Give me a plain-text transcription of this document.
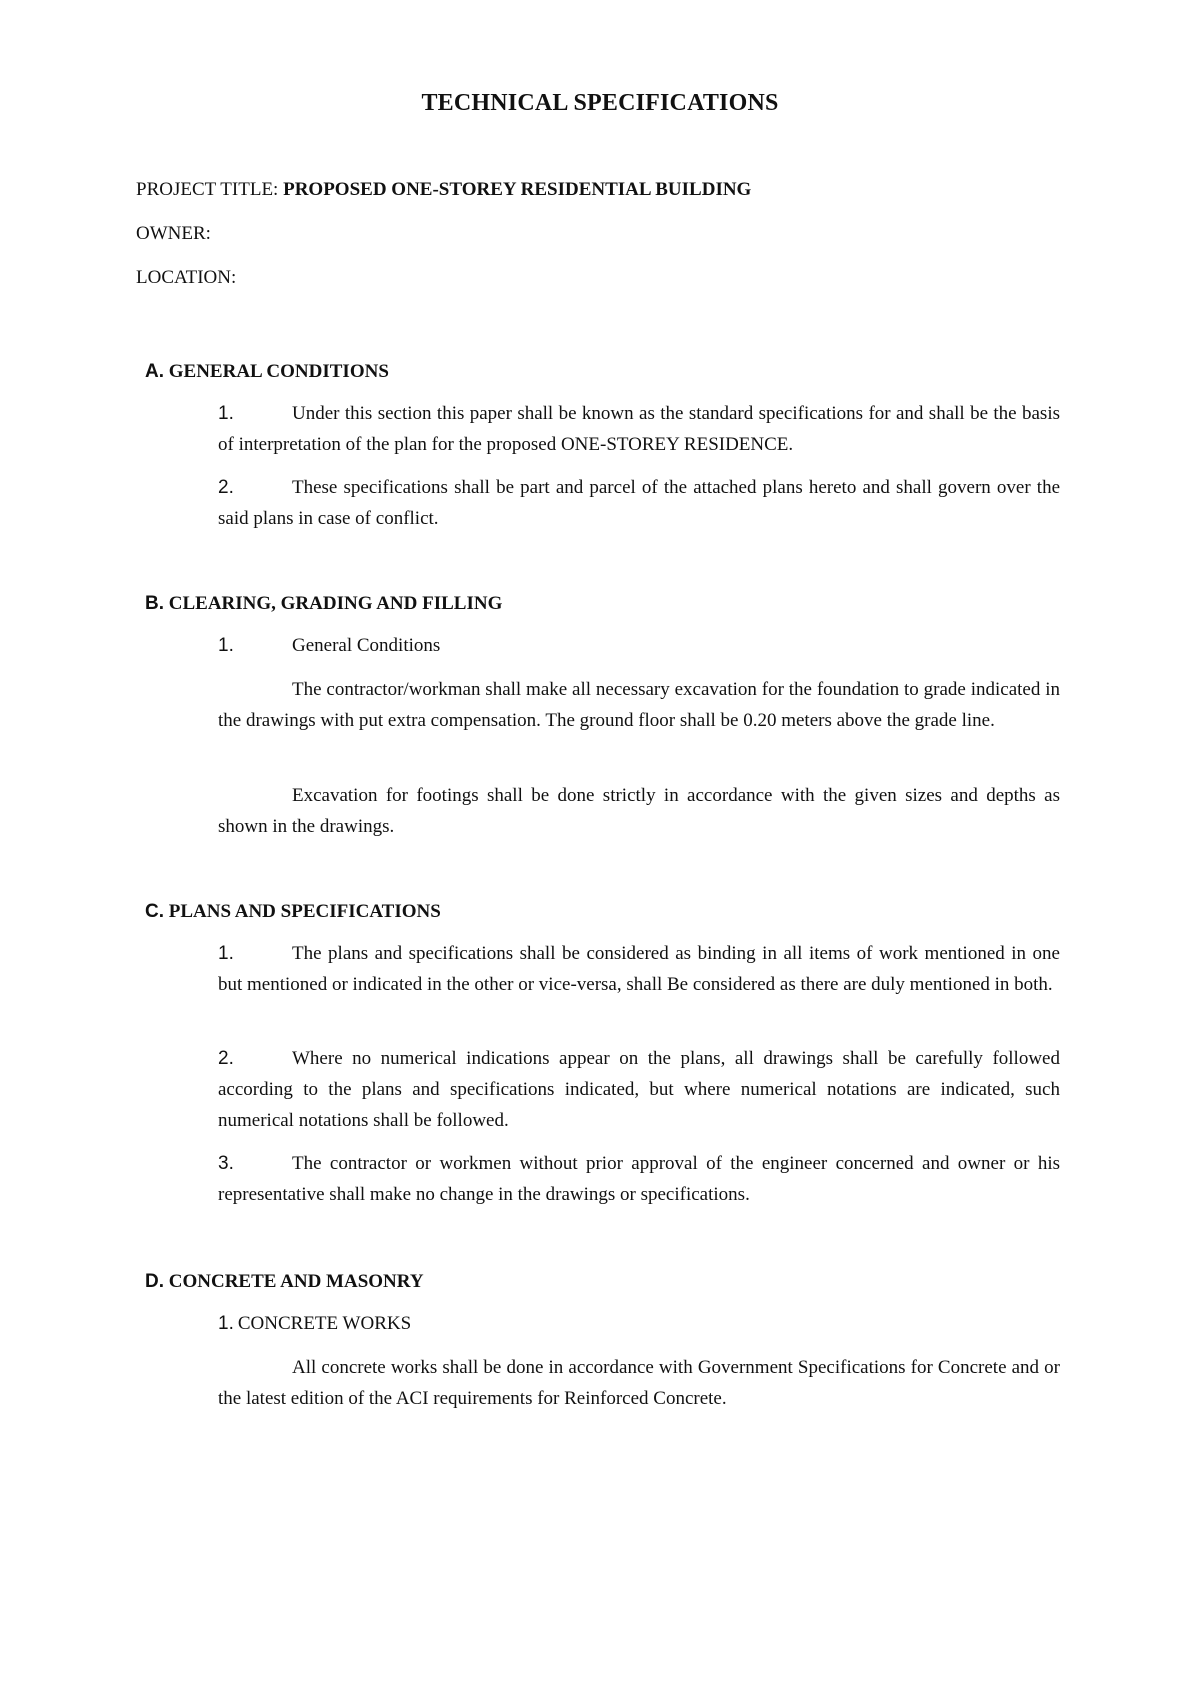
TECHNICAL SPECIFICATIONS
PROJECT TITLE: PROPOSED ONE-STOREY RESIDENTIAL BUILDING
OWNER:
LOCATION:
A. GENERAL CONDITIONS
1.	Under this section this paper shall be known as the standard specifications for and shall be the basis of interpretation of the plan for the proposed ONE-STOREY RESIDENCE.
2.	These specifications shall be part and parcel of the attached plans hereto and shall govern over the said plans in case of conflict.
B. CLEARING, GRADING AND FILLING
1.	General Conditions
The contractor/workman shall make all necessary excavation for the foundation to grade indicated in the drawings with put extra compensation. The ground floor shall be 0.20 meters above the grade line.
Excavation for footings shall be done strictly in accordance with the given sizes and depths as shown in the drawings.
C. PLANS AND SPECIFICATIONS
1.	The plans and specifications shall be considered as binding in all items of work mentioned in one but mentioned or indicated in the other or vice-versa, shall Be considered as there are duly mentioned in both.
2.	Where no numerical indications appear on the plans, all drawings shall be carefully followed according to the plans and specifications indicated, but where numerical notations are indicated, such numerical notations shall be followed.
3.	The contractor or workmen without prior approval of the engineer concerned and owner or his representative shall make no change in the drawings or specifications.
D. CONCRETE AND MASONRY
1. CONCRETE WORKS
All concrete works shall be done in accordance with Government Specifications for Concrete and or the latest edition of the ACI requirements for Reinforced Concrete.
